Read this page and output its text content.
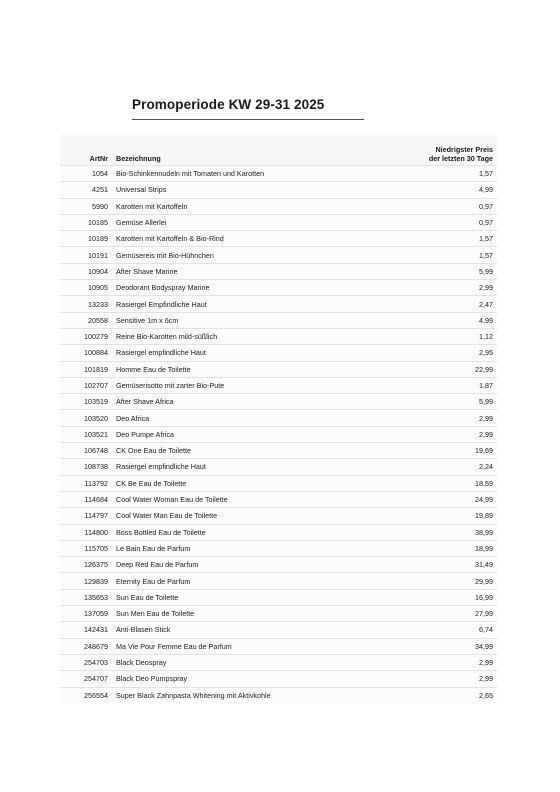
Promoperiode KW 29-31 2025
ArtNr	Bezeichnung	Niedrigster Preis
der letzten 30 Tage
1054	Bio-Schinkennudeln mit Tomaten und Karotten	1,57
4251	Universal Strips	4,99
5990	Karotten mit Kartoffeln	0,97
10185	Gemüse Allerlei	0,97
10189	Karotten mit Kartoffeln & Bio-Rind	1,57
10191	Gemüsereis mit Bio-Hühnchen	1,57
10904	After Shave Marine	5,99
10905	Deodorant Bodyspray Marine	2,99
13233	Rasiergel Empfindliche Haut	2,47
20558	Sensitive 1m x 6cm	4,99
100279	Reine Bio-Karotten mild-süßlich	1,12
100884	Rasiergel empfindliche Haut	2,95
101819	Homme Eau de Toilette	22,99
102707	Gemüserisotto mit zarter Bio-Pute	1,87
103519	After Shave Africa	5,99
103520	Deo Africa	2,99
103521	Deo Pumpe Africa	2,99
106748	CK One Eau de Toilette	19,69
108738	Rasiergel empfindliche Haut	2,24
113792	CK Be Eau de Toilette	18,59
114684	Cool Water Woman Eau de Toilette	24,99
114797	Cool Water Man Eau de Toilette	19,89
114800	Boss Bottled Eau de Toilette	38,99
115705	Le Bain Eau de Parfum	18,99
126375	Deep Red Eau de Parfum	31,49
129839	Eternity Eau de Parfum	29,99
135653	Sun Eau de Toilette	16,99
137059	Sun Men Eau de Toilette	27,99
142431	Anti-Blasen Stick	6,74
248679	Ma Vie Pour Femme Eau de Parfum	34,99
254703	Black Deospray	2,99
254707	Black Deo Pumpspray	2,99
256554	Super Black Zahnpasta Whitening mit Aktivkohle	2,65
